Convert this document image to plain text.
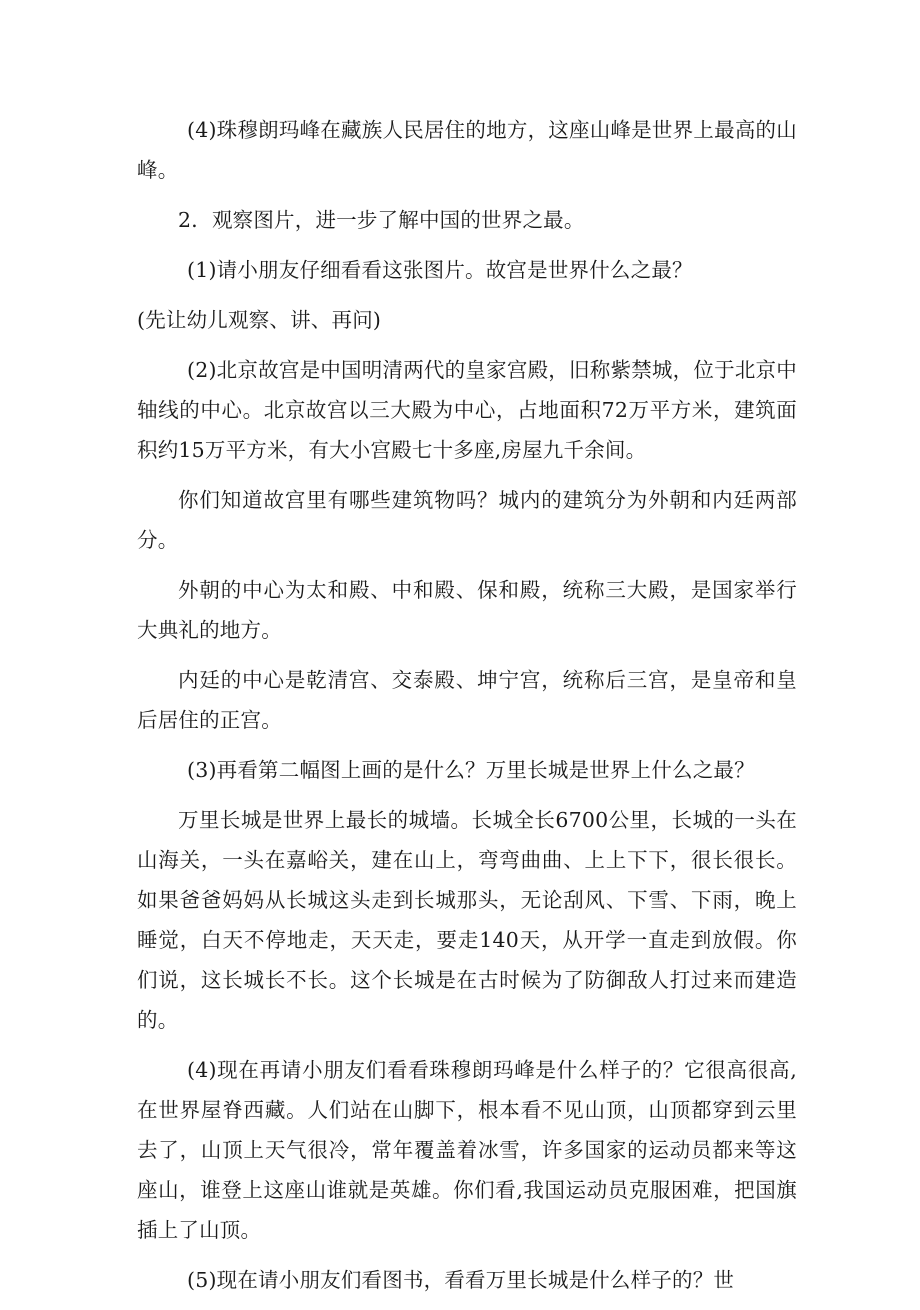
(4)珠穆朗玛峰在藏族人民居住的地方，这座山峰是世界上最高的山峰。

2．观察图片，进一步了解中国的世界之最。

(1)请小朋友仔细看看这张图片。故宫是世界什么之最？

(先让幼儿观察、讲、再问)

(2)北京故宫是中国明清两代的皇家宫殿，旧称紫禁城，位于北京中轴线的中心。北京故宫以三大殿为中心，占地面积72万平方米，建筑面积约15万平方米，有大小宫殿七十多座,房屋九千余间。

你们知道故宫里有哪些建筑物吗？城内的建筑分为外朝和内廷两部分。

外朝的中心为太和殿、中和殿、保和殿，统称三大殿，是国家举行大典礼的地方。

内廷的中心是乾清宫、交泰殿、坤宁宫，统称后三宫，是皇帝和皇后居住的正宫。

(3)再看第二幅图上画的是什么？万里长城是世界上什么之最？

万里长城是世界上最长的城墙。长城全长6700公里，长城的一头在山海关，一头在嘉峪关，建在山上，弯弯曲曲、上上下下，很长很长。如果爸爸妈妈从长城这头走到长城那头，无论刮风、下雪、下雨，晚上睡觉，白天不停地走，天天走，要走140天，从开学一直走到放假。你们说，这长城长不长。这个长城是在古时候为了防御敌人打过来而建造的。

(4)现在再请小朋友们看看珠穆朗玛峰是什么样子的？它很高很高,在世界屋脊西藏。人们站在山脚下，根本看不见山顶，山顶都穿到云里去了，山顶上天气很冷，常年覆盖着冰雪，许多国家的运动员都来等这座山，谁登上这座山谁就是英雄。你们看,我国运动员克服困难，把国旗插上了山顶。

(5)现在请小朋友们看图书，看看万里长城是什么样子的？世
